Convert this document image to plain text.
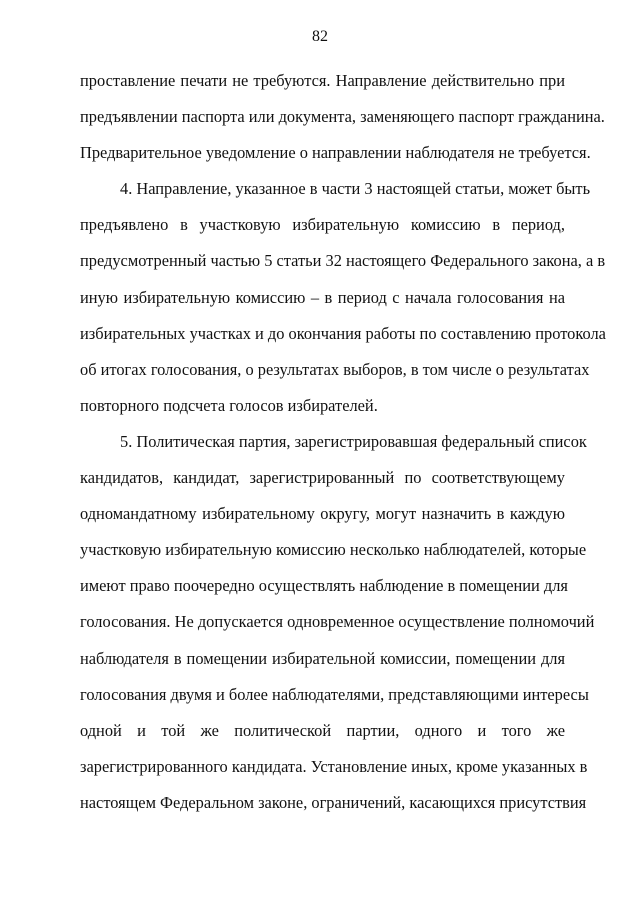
82

проставление печати не требуются. Направление действительно при
предъявлении паспорта или документа, заменяющего паспорт гражданина.
Предварительное уведомление о направлении наблюдателя не требуется.

4. Направление, указанное в части 3 настоящей статьи, может быть
предъявлено в участковую избирательную комиссию в период,
предусмотренный частью 5 статьи 32 настоящего Федерального закона, а в
иную избирательную комиссию – в период с начала голосования на
избирательных участках и до окончания работы по составлению протокола
об итогах голосования, о результатах выборов, в том числе о результатах
повторного подсчета голосов избирателей.

5. Политическая партия, зарегистрировавшая федеральный список
кандидатов, кандидат, зарегистрированный по соответствующему
одномандатному избирательному округу, могут назначить в каждую
участковую избирательную комиссию несколько наблюдателей, которые
имеют право поочередно осуществлять наблюдение в помещении для
голосования. Не допускается одновременное осуществление полномочий
наблюдателя в помещении избирательной комиссии, помещении для
голосования двумя и более наблюдателями, представляющими интересы
одной и той же политической партии, одного и того же
зарегистрированного кандидата. Установление иных, кроме указанных в
настоящем Федеральном законе, ограничений, касающихся присутствия
